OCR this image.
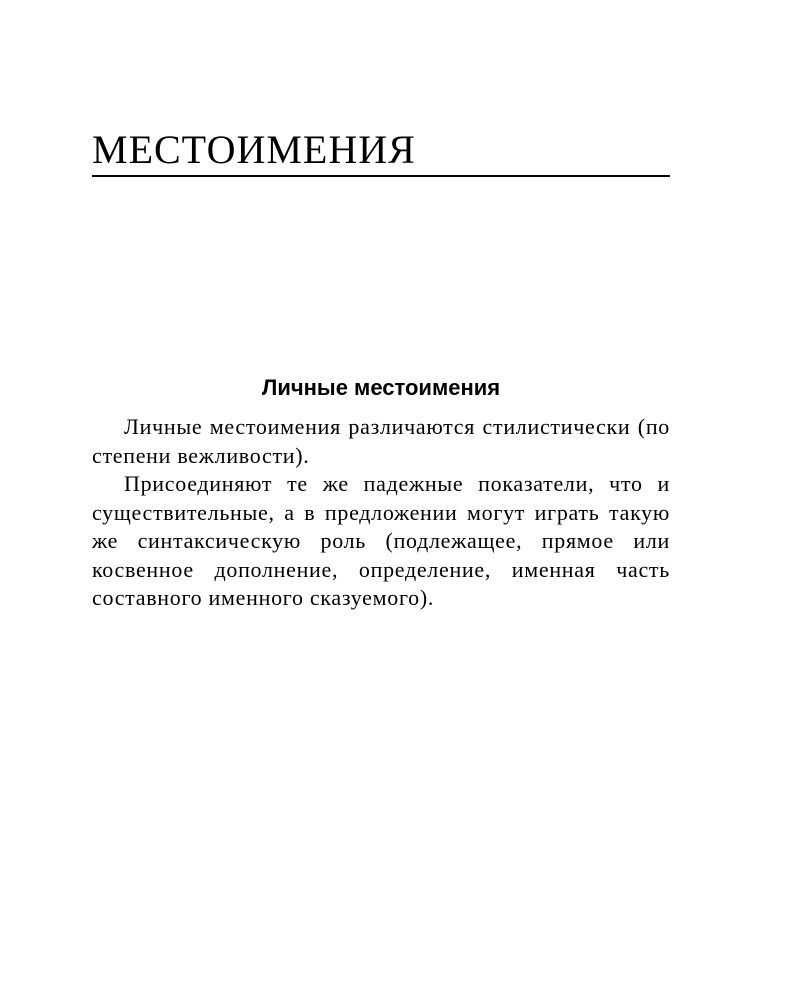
МЕСТОИМЕНИЯ
Личные местоимения

Личные местоимения различаются стилистически (по степени вежливости).

Присоединяют те же падежные показатели, что и существительные, а в предложении могут играть такую же синтаксическую роль (подлежащее, прямое или косвенное дополнение, определение, именная часть составного именного сказуемого).
